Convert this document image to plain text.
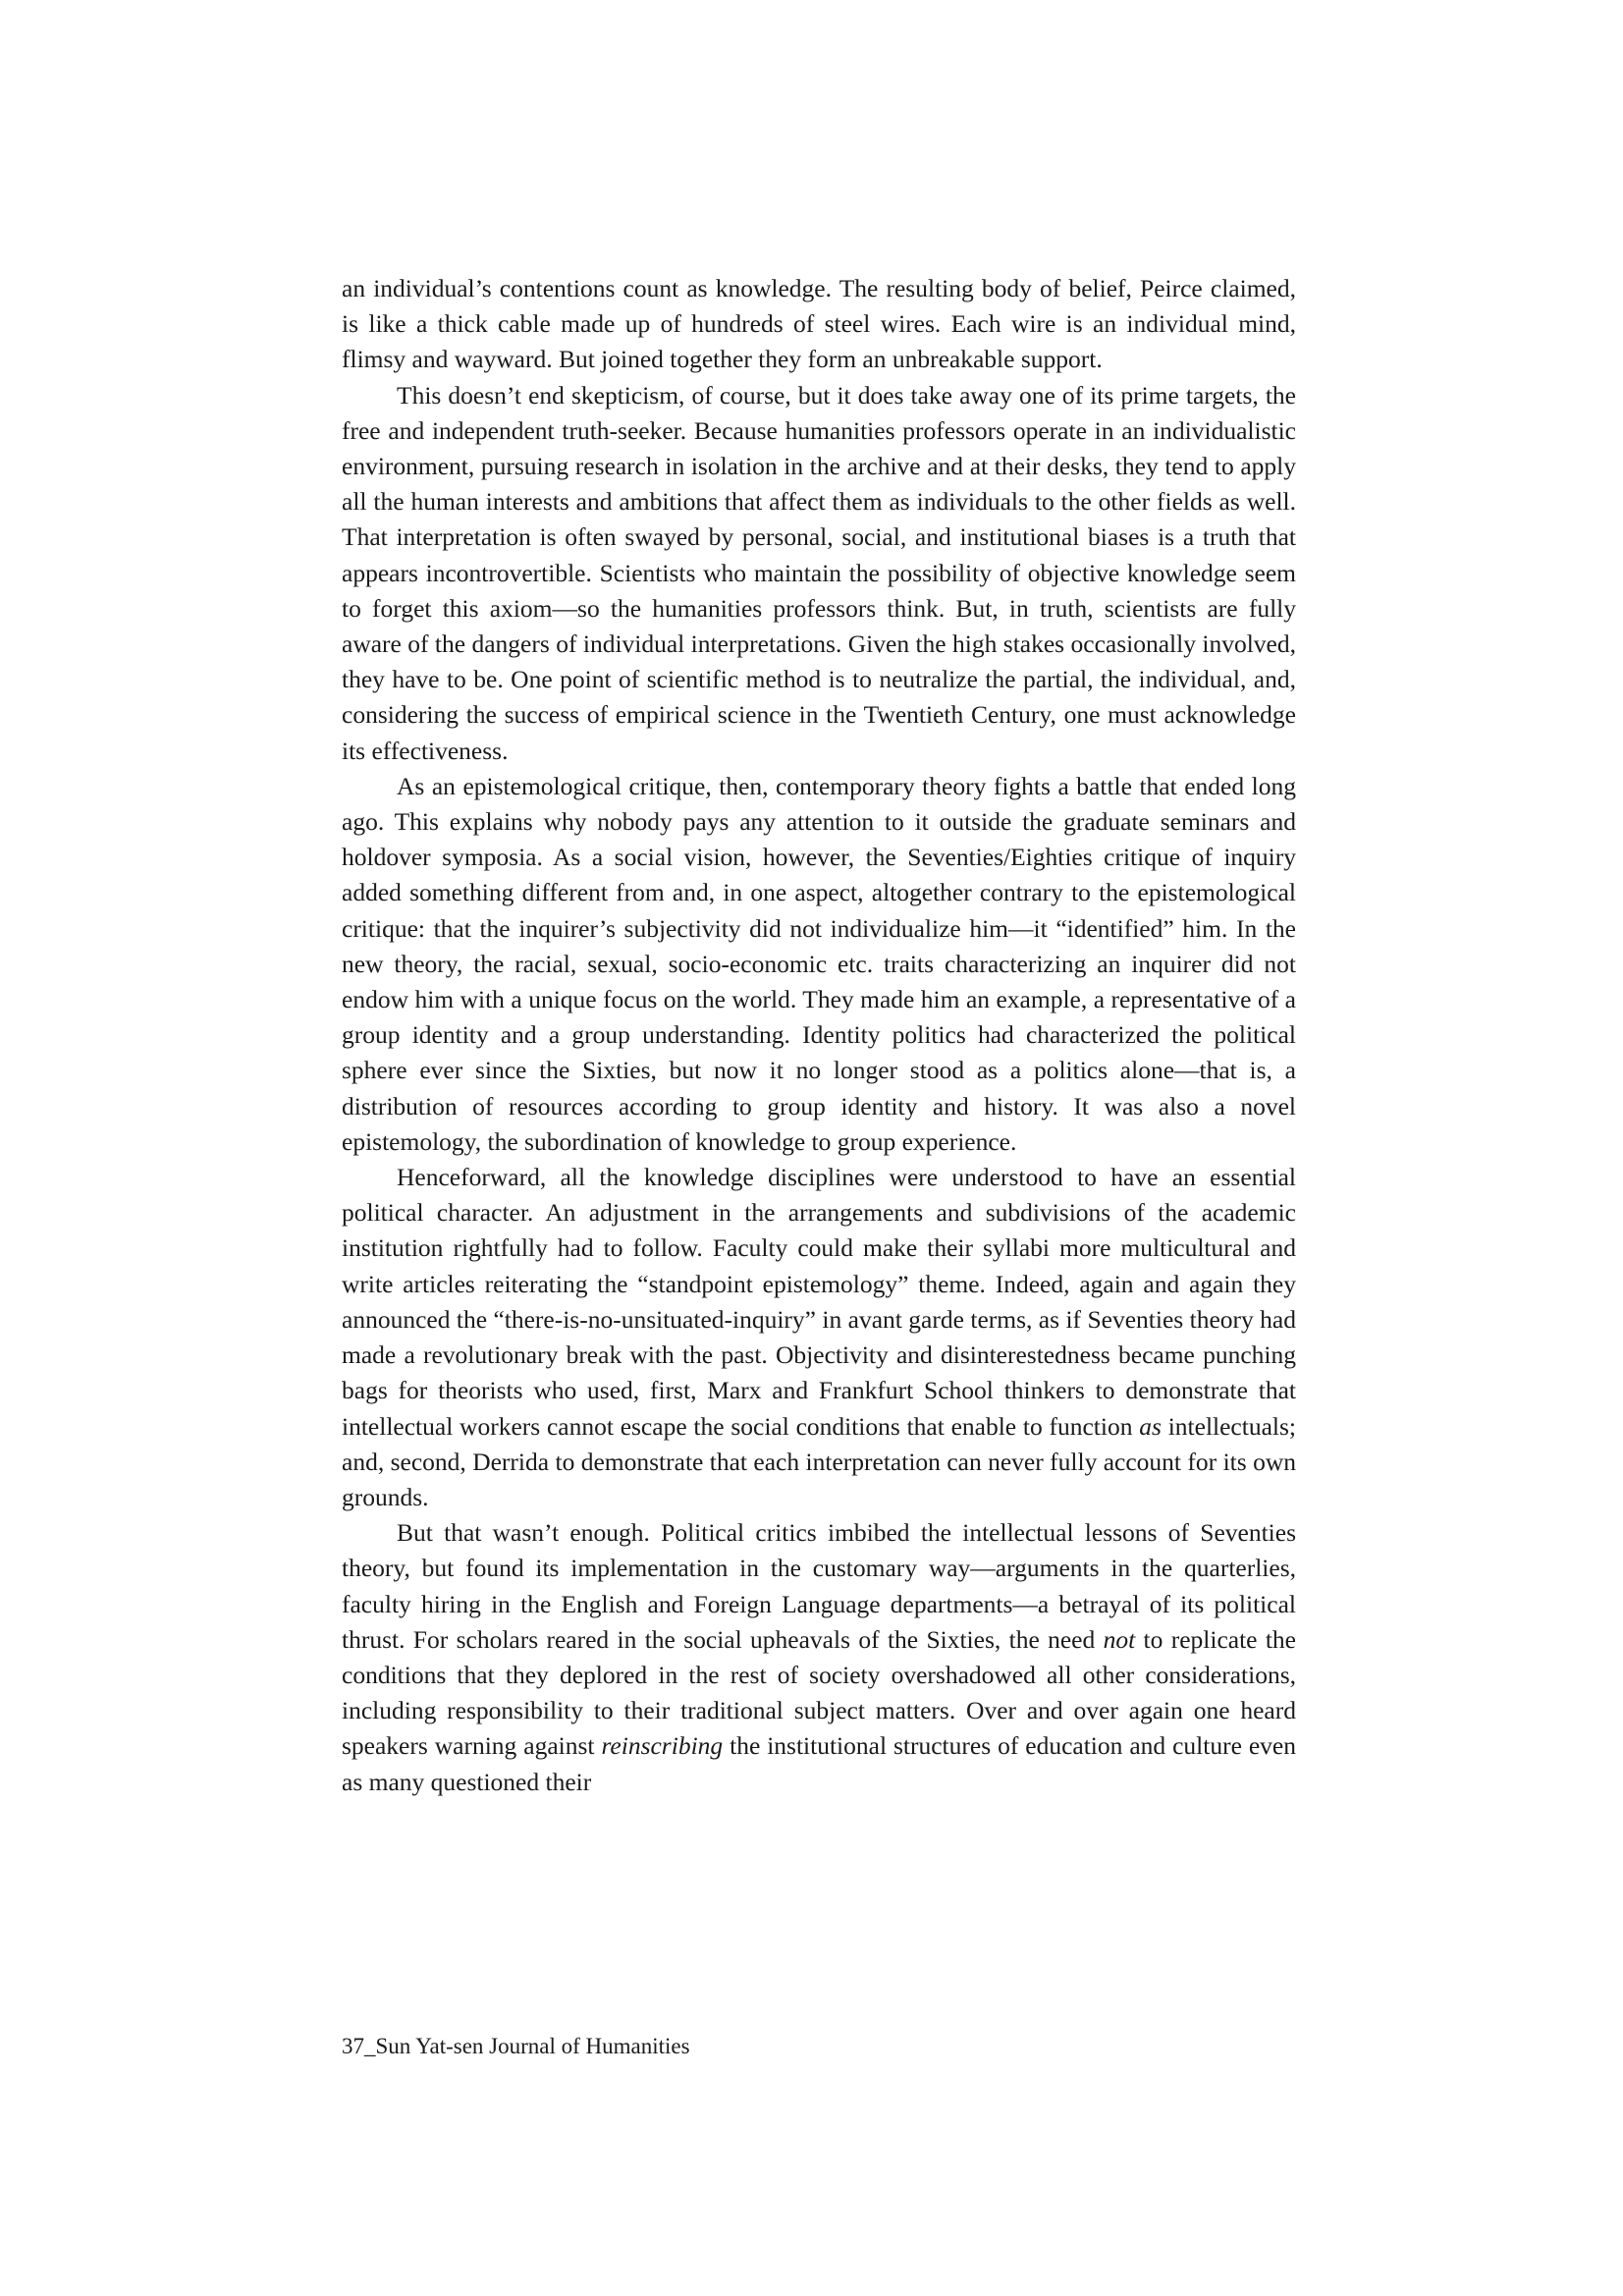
an individual’s contentions count as knowledge. The resulting body of belief, Peirce claimed, is like a thick cable made up of hundreds of steel wires. Each wire is an individual mind, flimsy and wayward. But joined together they form an unbreakable support.

This doesn’t end skepticism, of course, but it does take away one of its prime targets, the free and independent truth-seeker. Because humanities professors operate in an individualistic environment, pursuing research in isolation in the archive and at their desks, they tend to apply all the human interests and ambitions that affect them as individuals to the other fields as well. That interpretation is often swayed by personal, social, and institutional biases is a truth that appears incontrovertible. Scientists who maintain the possibility of objective knowledge seem to forget this axiom—so the humanities professors think. But, in truth, scientists are fully aware of the dangers of individual interpretations. Given the high stakes occasionally involved, they have to be. One point of scientific method is to neutralize the partial, the individual, and, considering the success of empirical science in the Twentieth Century, one must acknowledge its effectiveness.

As an epistemological critique, then, contemporary theory fights a battle that ended long ago. This explains why nobody pays any attention to it outside the graduate seminars and holdover symposia. As a social vision, however, the Seventies/Eighties critique of inquiry added something different from and, in one aspect, altogether contrary to the epistemological critique: that the inquirer’s subjectivity did not individualize him—it “identified” him. In the new theory, the racial, sexual, socio-economic etc. traits characterizing an inquirer did not endow him with a unique focus on the world. They made him an example, a representative of a group identity and a group understanding. Identity politics had characterized the political sphere ever since the Sixties, but now it no longer stood as a politics alone—that is, a distribution of resources according to group identity and history. It was also a novel epistemology, the subordination of knowledge to group experience.

Henceforward, all the knowledge disciplines were understood to have an essential political character. An adjustment in the arrangements and subdivisions of the academic institution rightfully had to follow. Faculty could make their syllabi more multicultural and write articles reiterating the “standpoint epistemology” theme. Indeed, again and again they announced the “there-is-no-unsituated-inquiry” in avant garde terms, as if Seventies theory had made a revolutionary break with the past. Objectivity and disinterestedness became punching bags for theorists who used, first, Marx and Frankfurt School thinkers to demonstrate that intellectual workers cannot escape the social conditions that enable to function as intellectuals; and, second, Derrida to demonstrate that each interpretation can never fully account for its own grounds.

But that wasn’t enough. Political critics imbibed the intellectual lessons of Seventies theory, but found its implementation in the customary way—arguments in the quarterlies, faculty hiring in the English and Foreign Language departments—a betrayal of its political thrust. For scholars reared in the social upheavals of the Sixties, the need not to replicate the conditions that they deplored in the rest of society overshadowed all other considerations, including responsibility to their traditional subject matters. Over and over again one heard speakers warning against reinscribing the institutional structures of education and culture even as many questioned their

37_Sun Yat-sen Journal of Humanities
